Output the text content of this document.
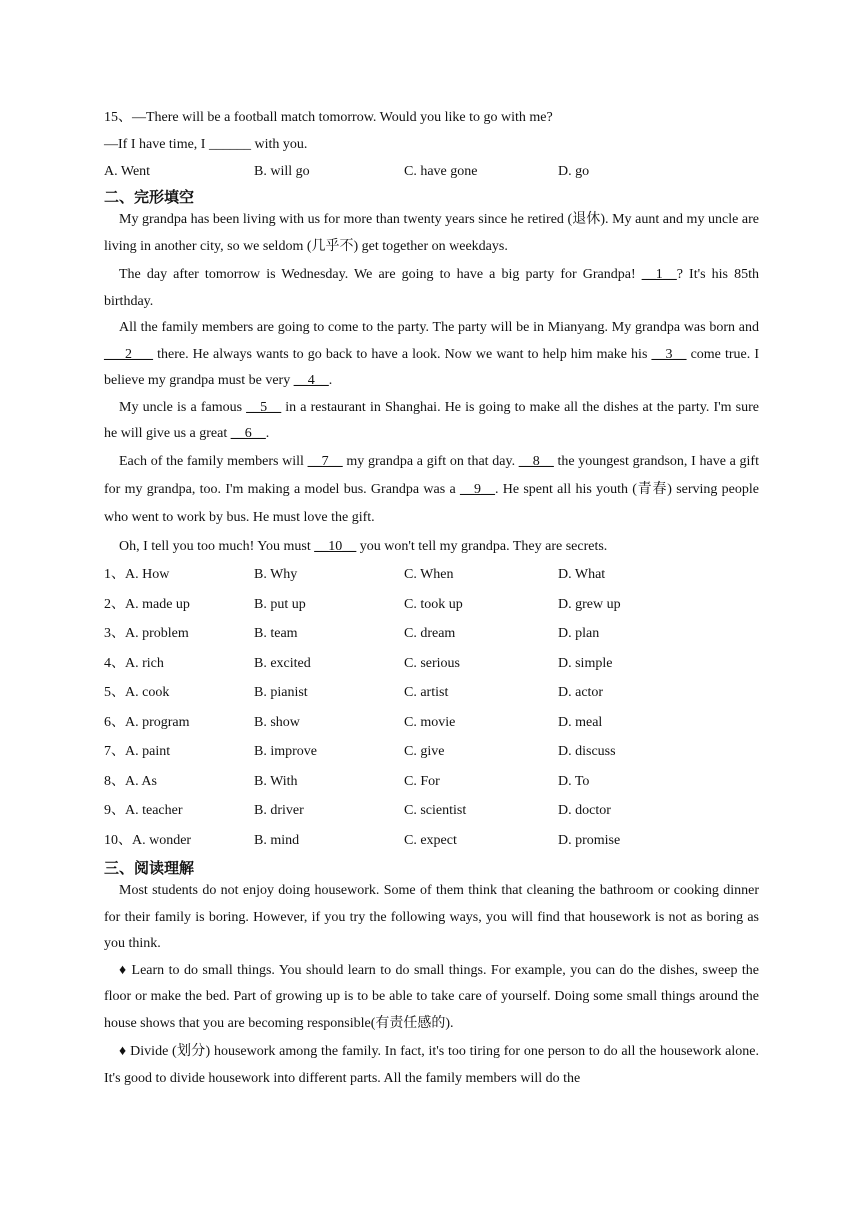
15、—There will be a football match tomorrow. Would you like to go with me?
—If I have time, I ______ with you.
A. Went	B. will go	C. have gone	D. go
二、完形填空

My grandpa has been living with us for more than twenty years since he retired (退休). My aunt and my uncle are living in another city, so we seldom (几乎不) get together on weekdays.

The day after tomorrow is Wednesday. We are going to have a big party for Grandpa! __1__? It's his 85th birthday.

All the family members are going to come to the party. The party will be in Mianyang. My grandpa was born and ___2___ there. He always wants to go back to have a look. Now we want to help him make his __3__ come true. I believe my grandpa must be very __4__.

My uncle is a famous __5__ in a restaurant in Shanghai. He is going to make all the dishes at the party. I'm sure he will give us a great __6__.

Each of the family members will __7__ my grandpa a gift on that day. __8__ the youngest grandson, I have a gift for my grandpa, too. I'm making a model bus. Grandpa was a __9__. He spent all his youth (青春) serving people who went to work by bus. He must love the gift.

Oh, I tell you too much! You must __10__ you won't tell my grandpa. They are secrets.

1、A. How	B. Why	C. When	D. What
2、A. made up	B. put up	C. took up	D. grew up
3、A. problem	B. team	C. dream	D. plan
4、A. rich	B. excited	C. serious	D. simple
5、A. cook	B. pianist	C. artist	D. actor
6、A. program	B. show	C. movie	D. meal
7、A. paint	B. improve	C. give	D. discuss
8、A. As	B. With	C. For	D. To
9、A. teacher	B. driver	C. scientist	D. doctor
10、A. wonder	B. mind	C. expect	D. promise
三、阅读理解

Most students do not enjoy doing housework. Some of them think that cleaning the bathroom or cooking dinner for their family is boring. However, if you try the following ways, you will find that housework is not as boring as you think.

♦ Learn to do small things. You should learn to do small things. For example, you can do the dishes, sweep the floor or make the bed. Part of growing up is to be able to take care of yourself. Doing some small things around the house shows that you are becoming responsible(有责任感的).

♦ Divide (划分) housework among the family. In fact, it's too tiring for one person to do all the housework alone. It's good to divide housework into different parts. All the family members will do the
